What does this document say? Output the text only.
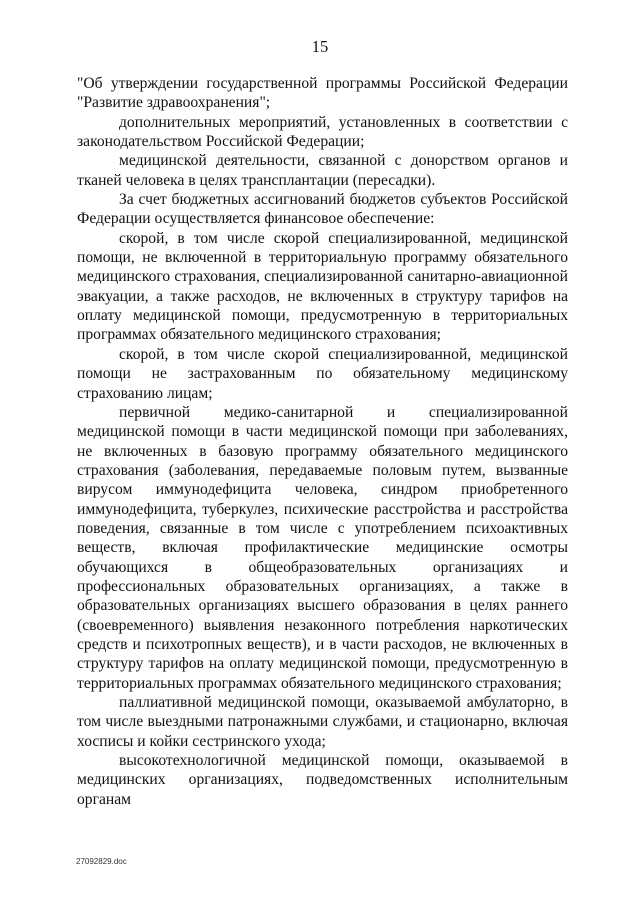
15

"Об утверждении государственной программы Российской Федерации "Развитие здравоохранения";

дополнительных мероприятий, установленных в соответствии с законодательством Российской Федерации;

медицинской деятельности, связанной с донорством органов и тканей человека в целях трансплантации (пересадки).

За счет бюджетных ассигнований бюджетов субъектов Российской Федерации осуществляется финансовое обеспечение:

скорой, в том числе скорой специализированной, медицинской помощи, не включенной в территориальную программу обязательного медицинского страхования, специализированной санитарно-авиационной эвакуации, а также расходов, не включенных в структуру тарифов на оплату медицинской помощи, предусмотренную в территориальных программах обязательного медицинского страхования;

скорой, в том числе скорой специализированной, медицинской помощи не застрахованным по обязательному медицинскому страхованию лицам;

первичной медико-санитарной и специализированной медицинской помощи в части медицинской помощи при заболеваниях, не включенных в базовую программу обязательного медицинского страхования (заболевания, передаваемые половым путем, вызванные вирусом иммунодефицита человека, синдром приобретенного иммунодефицита, туберкулез, психические расстройства и расстройства поведения, связанные в том числе с употреблением психоактивных веществ, включая профилактические медицинские осмотры обучающихся в общеобразовательных организациях и профессиональных образовательных организациях, а также в образовательных организациях высшего образования в целях раннего (своевременного) выявления незаконного потребления наркотических средств и психотропных веществ), и в части расходов, не включенных в структуру тарифов на оплату медицинской помощи, предусмотренную в территориальных программах обязательного медицинского страхования;

паллиативной медицинской помощи, оказываемой амбулаторно, в том числе выездными патронажными службами, и стационарно, включая хосписы и койки сестринского ухода;

высокотехнологичной медицинской помощи, оказываемой в медицинских организациях, подведомственных исполнительным органам

27092829.doc
